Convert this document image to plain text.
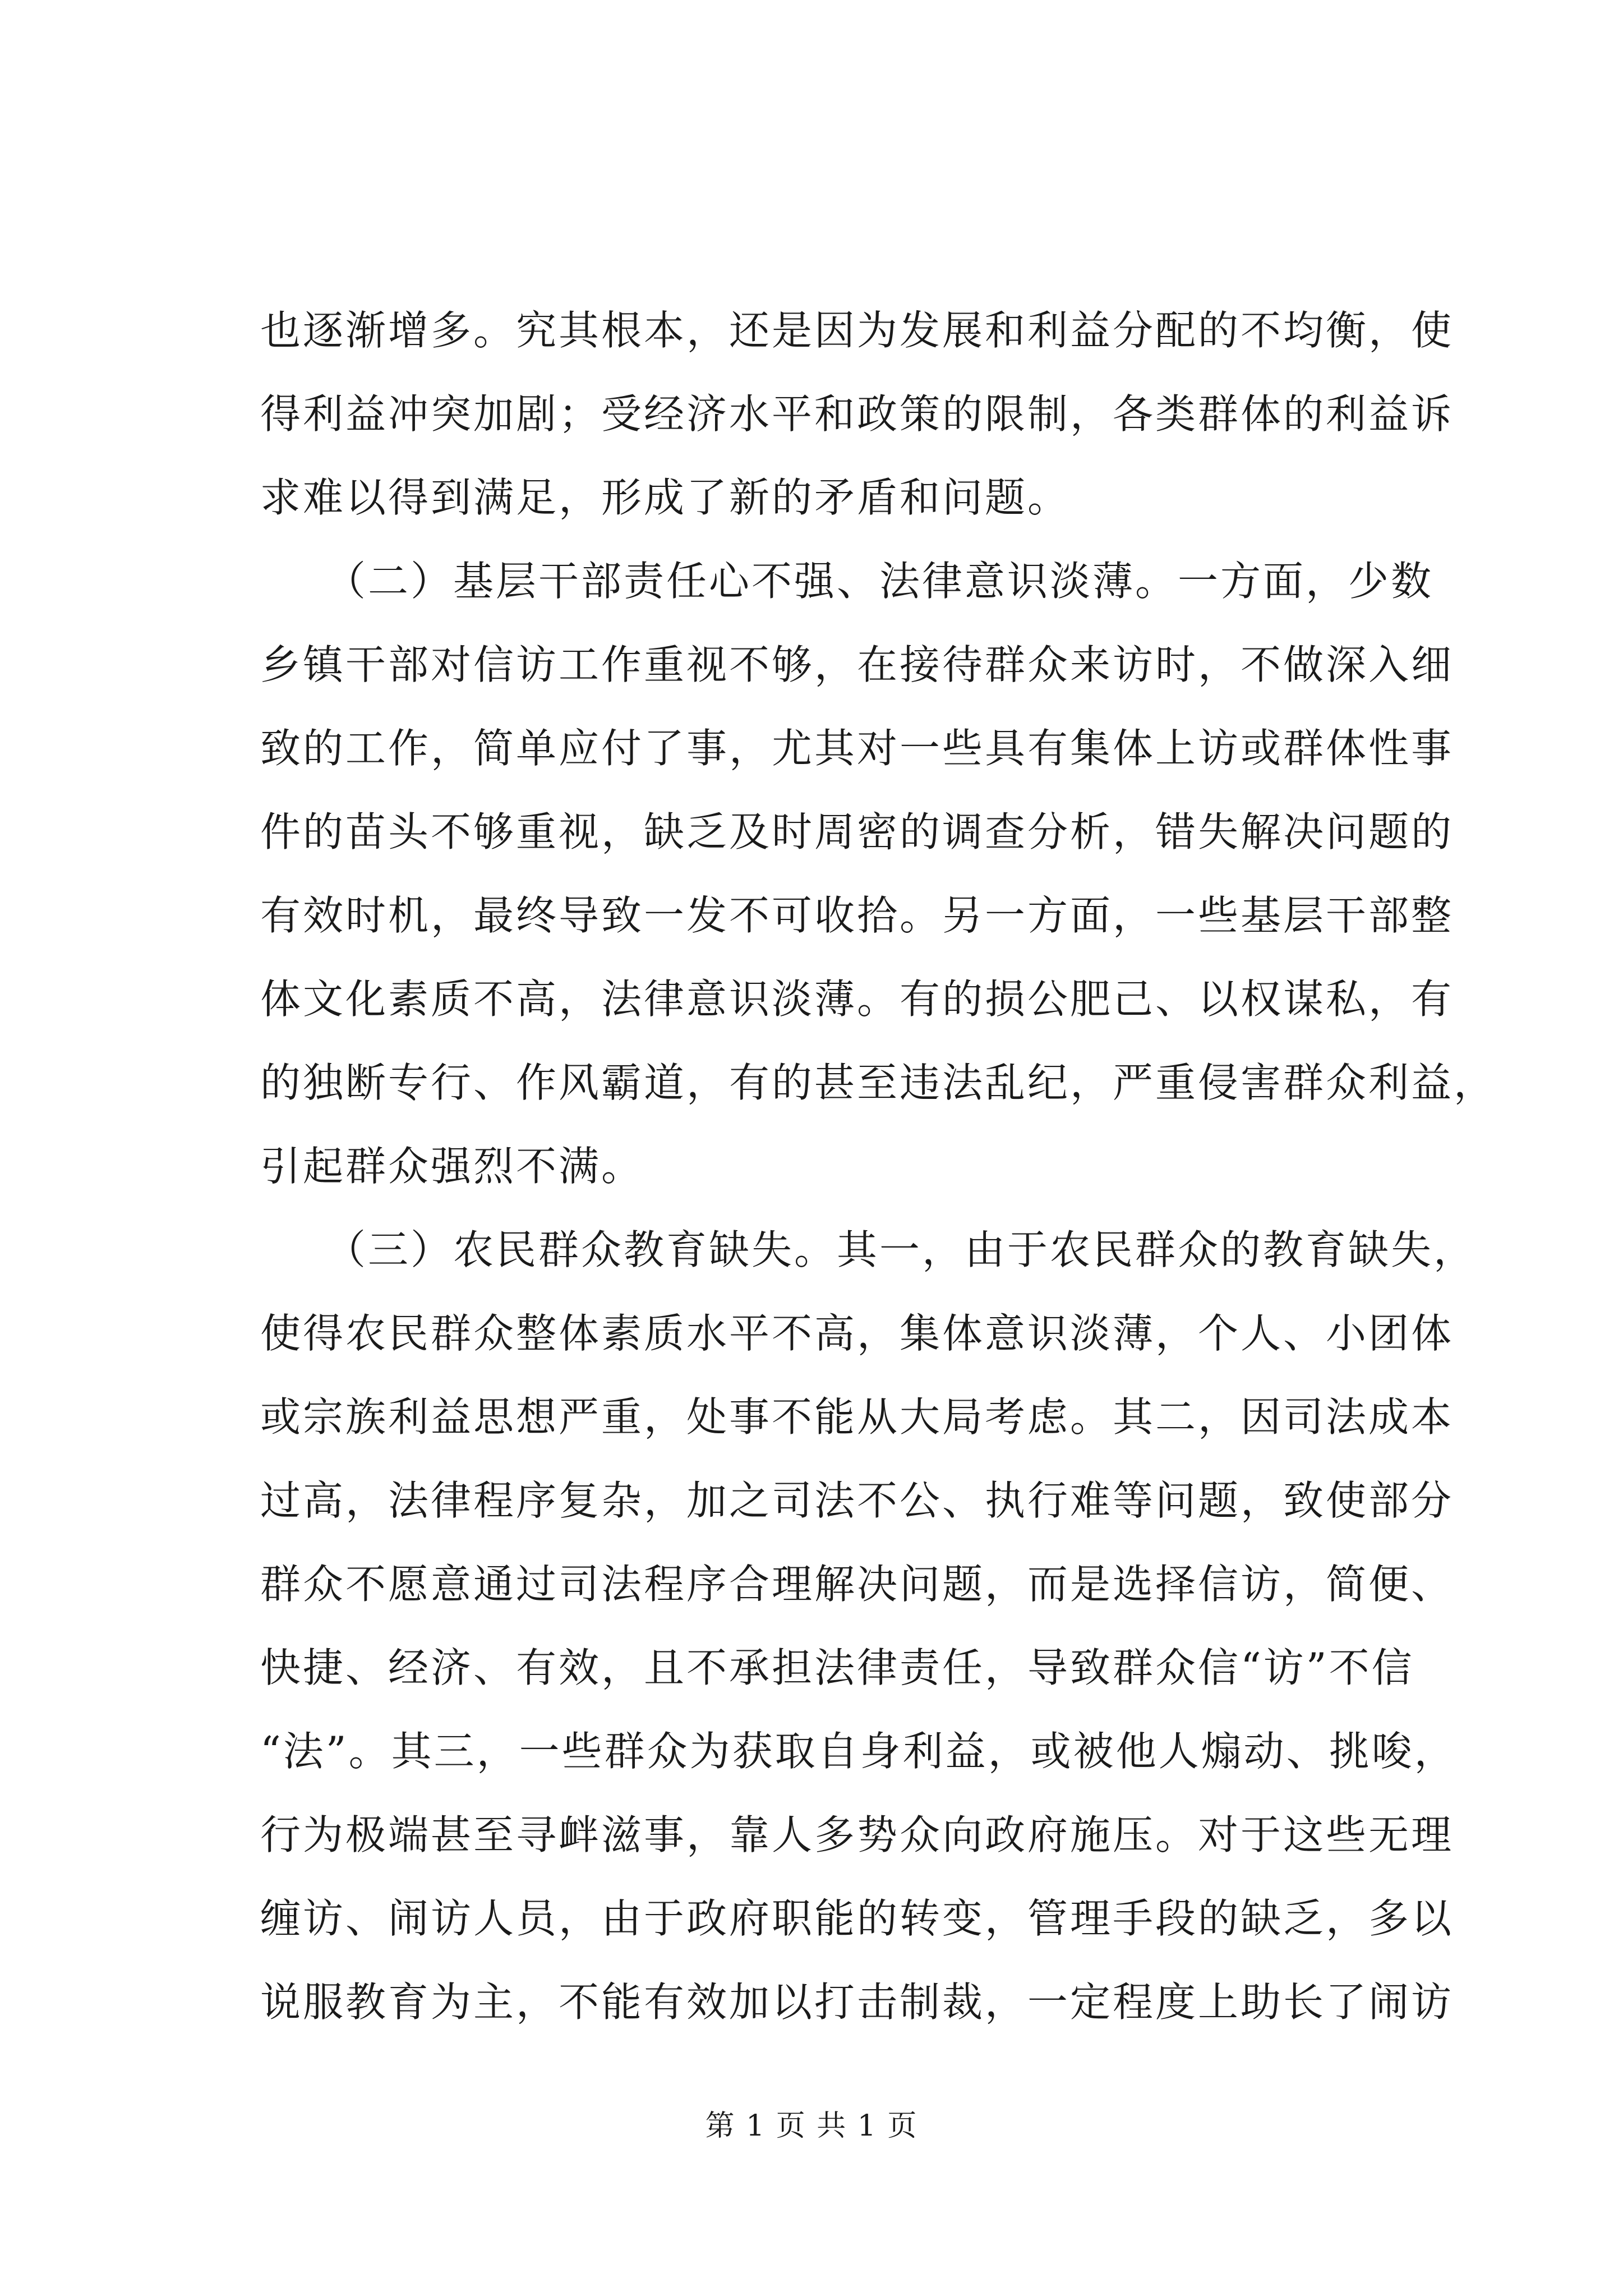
也逐渐增多。究其根本，还是因为发展和利益分配的不均衡，使
得利益冲突加剧；受经济水平和政策的限制，各类群体的利益诉
求难以得到满足，形成了新的矛盾和问题。
　　（二）基层干部责任心不强、法律意识淡薄。一方面，少数
乡镇干部对信访工作重视不够，在接待群众来访时，不做深入细
致的工作，简单应付了事，尤其对一些具有集体上访或群体性事
件的苗头不够重视，缺乏及时周密的调查分析，错失解决问题的
有效时机，最终导致一发不可收拾。另一方面，一些基层干部整
体文化素质不高，法律意识淡薄。有的损公肥己、以权谋私，有
的独断专行、作风霸道，有的甚至违法乱纪，严重侵害群众利益，
引起群众强烈不满。
　　（三）农民群众教育缺失。其一，由于农民群众的教育缺失，
使得农民群众整体素质水平不高，集体意识淡薄，个人、小团体
或宗族利益思想严重，处事不能从大局考虑。其二，因司法成本
过高，法律程序复杂，加之司法不公、执行难等问题，致使部分
群众不愿意通过司法程序合理解决问题，而是选择信访，简便、
快捷、经济、有效，且不承担法律责任，导致群众信“访”不信
“法”。其三，一些群众为获取自身利益，或被他人煽动、挑唆，
行为极端甚至寻衅滋事，靠人多势众向政府施压。对于这些无理
缠访、闹访人员，由于政府职能的转变，管理手段的缺乏，多以
说服教育为主，不能有效加以打击制裁，一定程度上助长了闹访
第 1 页 共 1 页
